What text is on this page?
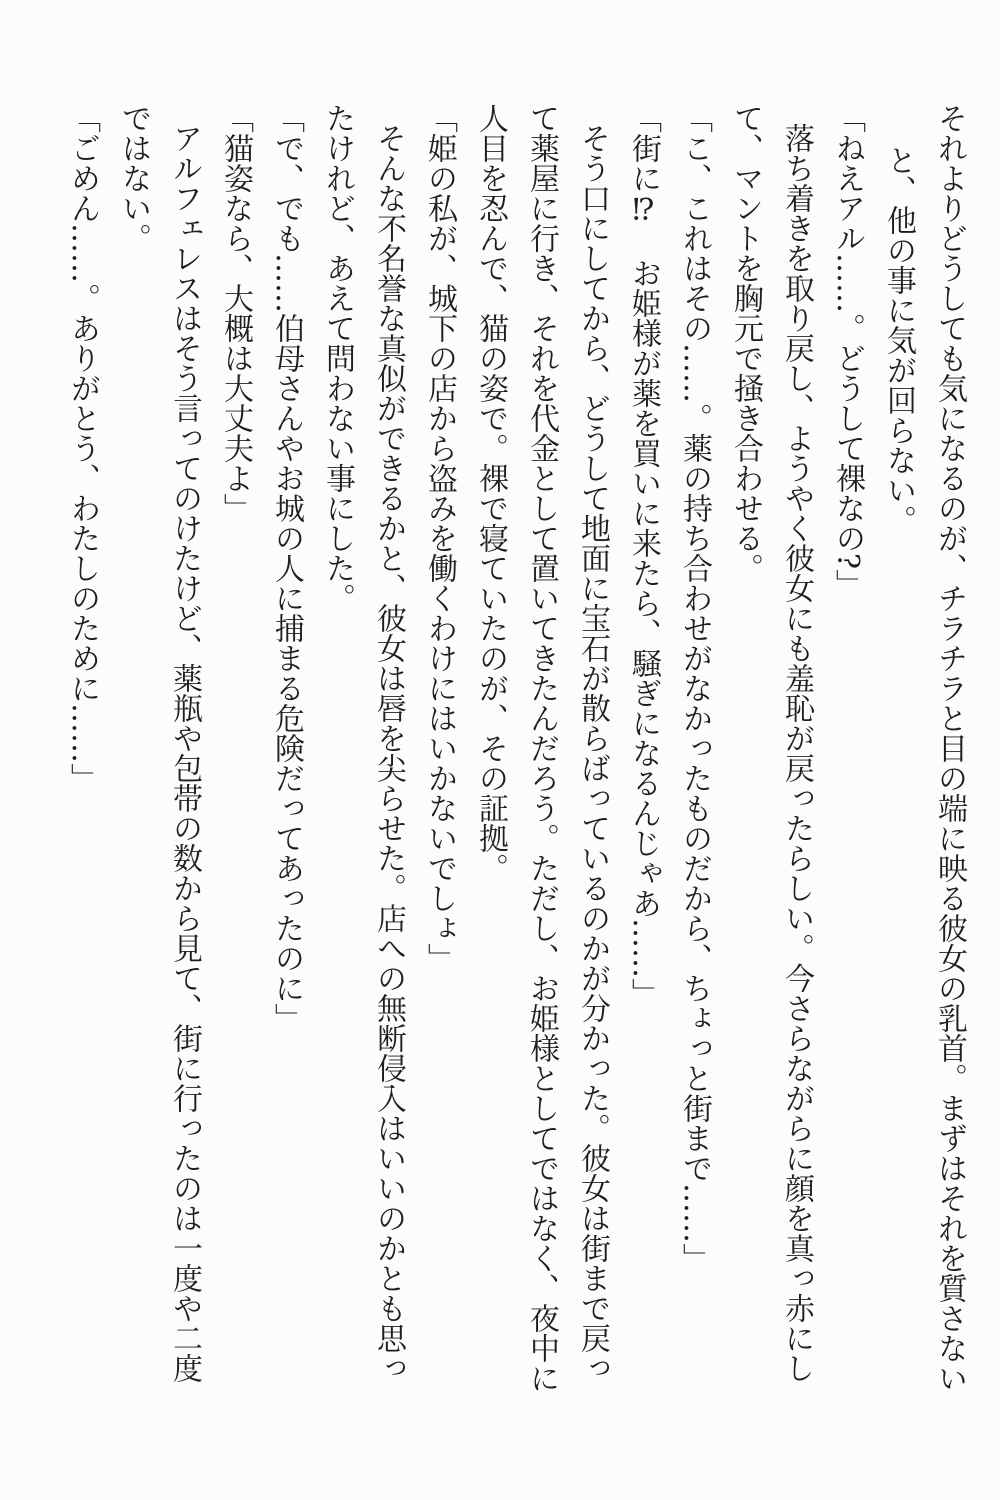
それよりどうしても気になるのが、チラチラと目の端に映る彼女の乳首。まずはそれを質さない
と、他の事に気が回らない。
「ねえアル……。どうして裸なの?」
落ち着きを取り戻し、ようやく彼女にも羞恥が戻ったらしい。今さらながらに顔を真っ赤にし
て、マントを胸元で掻き合わせる。
「こ、これはその……。薬の持ち合わせがなかったものだから、ちょっと街まで……」
「街に⁉　お姫様が薬を買いに来たら、騒ぎになるんじゃあ……」
そう口にしてから、どうして地面に宝石が散らばっているのかが分かった。彼女は街まで戻っ
て薬屋に行き、それを代金として置いてきたんだろう。ただし、お姫様としてではなく、夜中に
人目を忍んで、猫の姿で。裸で寝ていたのが、その証拠。
「姫の私が、城下の店から盗みを働くわけにはいかないでしょ」
そんな不名誉な真似ができるかと、彼女は唇を尖らせた。店への無断侵入はいいのかとも思っ
たけれど、あえて問わない事にした。
「で、でも……伯母さんやお城の人に捕まる危険だってあったのに」
「猫姿なら、大概は大丈夫よ」
アルフェレスはそう言ってのけたけど、薬瓶や包帯の数から見て、街に行ったのは一度や二度
ではない。
「ごめん……。ありがとう、わたしのために……」
